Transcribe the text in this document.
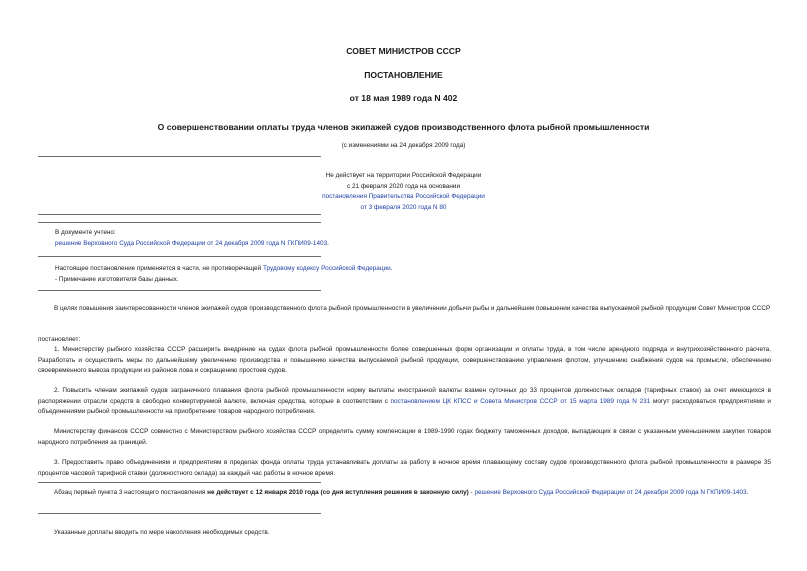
СОВЕТ МИНИСТРОВ СССР
ПОСТАНОВЛЕНИЕ
от 18 мая 1989 года N 402
О совершенствовании оплаты труда членов экипажей судов производственного флота рыбной промышленности
(с изменениями на 24 декабря 2009 года)
Не действует на территории Российской Федерации
с 21 февраля 2020 года на основании
постановления Правительства Российской Федерации
от 3 февраля 2020 года N 80
В документе учтено:
решение Верховного Суда Российской Федерации от 24 декабря 2009 года N ГКПИ09-1403.
Настоящее постановление применяется в части, не противоречащей Трудовому кодексу Российской Федерации.
- Примечание изготовителя базы данных.
В целях повышения заинтересованности членов экипажей судов производственного флота рыбной промышленности в увеличении добычи рыбы и дальнейшем повышении качества выпускаемой рыбной продукции Совет Министров СССР
постановляет:
1. Министерству рыбного хозяйства СССР расширить внедрение на судах флота рыбной промышленности более совершенных форм организации и оплаты труда, в том числе арендного подряда и внутрихозяйственного расчета. Разработать и осуществить меры по дальнейшему увеличению производства и повышению качества выпускаемой рыбной продукции, совершенствованию управления флотом, улучшению снабжения судов на промысле, обеспечению своевременного вывоза продукции из районов лова и сокращению простоев судов.
2. Повысить членам экипажей судов заграничного плавания флота рыбной промышленности норму выплаты иностранной валюты взамен суточных до 33 процентов должностных окладов (тарифных ставок) за счет имеющихся в распоряжении отрасли средств в свободно конвертируемой валюте, включая средства, которые в соответствии с постановлением ЦК КПСС и Совета Министров СССР от 15 марта 1989 года N 231 могут расходоваться предприятиями и объединениями рыбной промышленности на приобретение товаров народного потребления.
Министерству финансов СССР совместно с Министерством рыбного хозяйства СССР определить сумму компенсации в 1989-1990 годах бюджету таможенных доходов, выпадающих в связи с указанным уменьшением закупки товаров народного потребления за границей.
3. Предоставить право объединениям и предприятиям в пределах фонда оплаты труда устанавливать доплаты за работу в ночное время плавающему составу судов производственного флота рыбной промышленности в размере 35 процентов часовой тарифной ставки (должностного оклада) за каждый час работы в ночное время.
Абзац первый пункта 3 настоящего постановления не действует с 12 января 2010 года (со дня вступления решения в законную силу) - решение Верховного Суда Российской Федерации от 24 декабря 2009 года N ГКПИ09-1403.
Указанные доплаты вводить по мере накопления необходимых средств.
